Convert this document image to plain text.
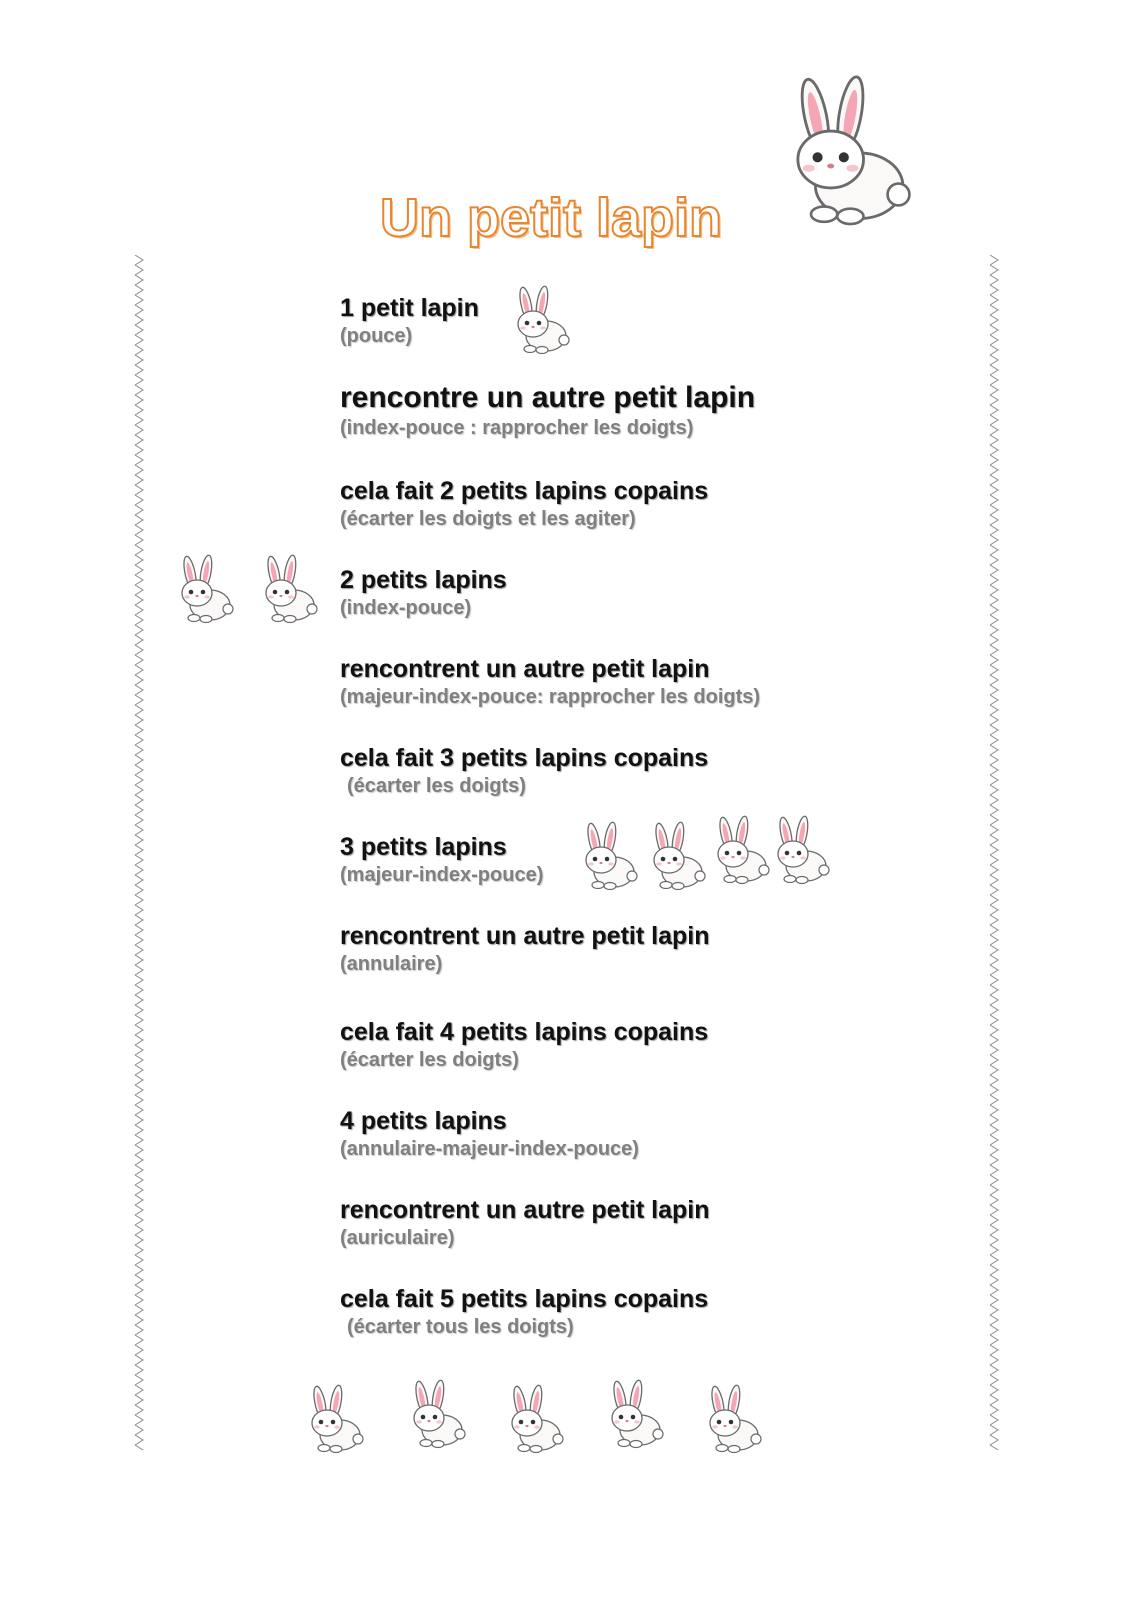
Un petit lapin
1 petit lapin
(pouce)
rencontre un autre petit lapin
(index-pouce : rapprocher les doigts)
cela fait 2 petits lapins copains
(écarter les doigts et les agiter)
2 petits lapins
(index-pouce)
rencontrent un autre petit lapin
(majeur-index-pouce: rapprocher les doigts)
cela fait 3 petits lapins copains
(écarter les doigts)
3 petits lapins
(majeur-index-pouce)
rencontrent un autre petit lapin
(annulaire)
cela fait 4 petits lapins copains
(écarter les doigts)
4 petits lapins
(annulaire-majeur-index-pouce)
rencontrent un autre petit lapin
(auriculaire)
cela fait 5 petits lapins copains
(écarter tous les doigts)
